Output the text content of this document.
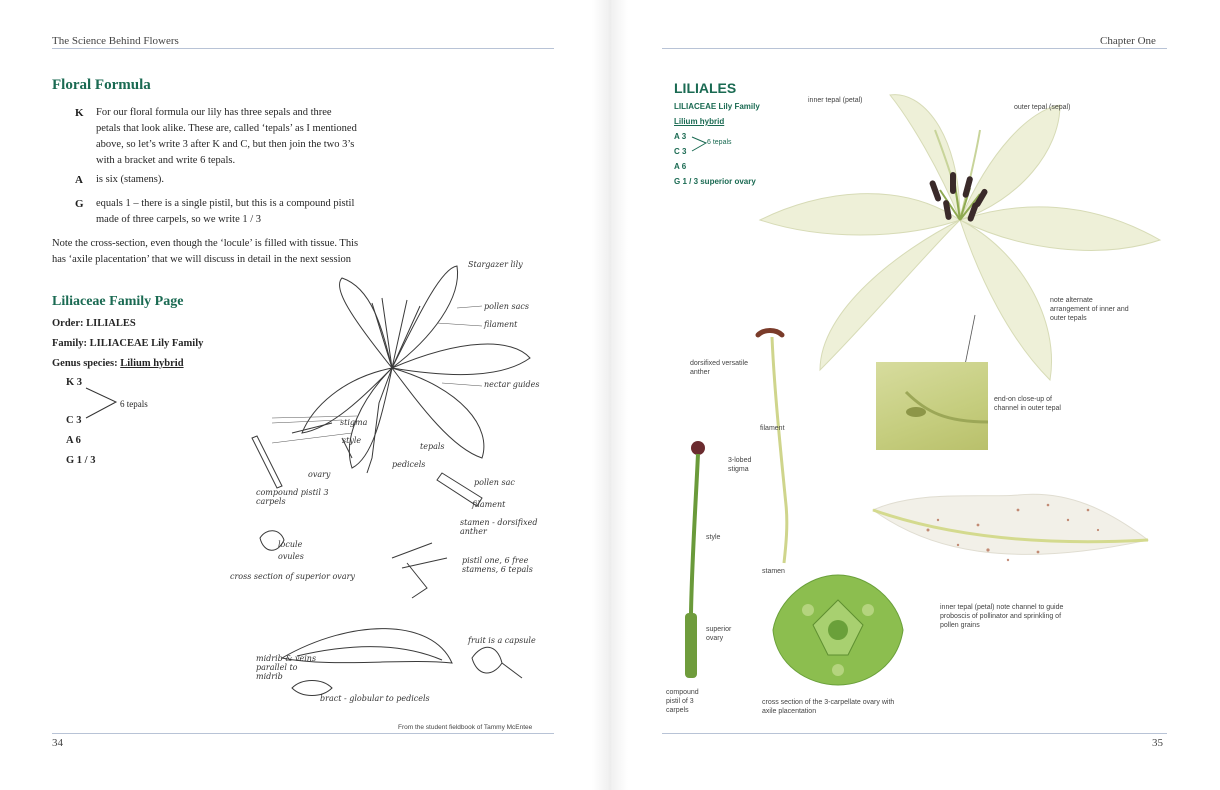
The Science Behind Flowers
Floral Formula
K For our floral formula our lily has three sepals and three petals that look alike. These are, called ‘tepals’ as I mentioned above, so let’s write 3 after K and C, but then join the two 3’s with a bracket and write 6 tepals.
A is six (stamens).
G equals 1 – there is a single pistil, but this is a compound pistil made of three carpels, so we write 1 / 3
Note the cross-section, even though the ‘locule’ is filled with tissue. This has ‘axile placentation’ that we will discuss in detail in the next session
Liliaceae Family Page
Order: LILIALES
Family: LILIACEAE Lily Family
Genus species: Lilium hybrid
K 3
C 3
A 6
G 1 / 3
6 tepals
Stargazer lily
pollen sacs
filament
nectar guides
stigma
style
tepals
pedicels
ovary
compound pistil 3 carpels
pollen sac
filament
stamen - dorsifixed anther
locule
ovules
cross section of superior ovary
pistil one, 6 free stamens, 6 tepals
midrib & veins parallel to midrib
bract - globular to pedicels
fruit is a capsule
From the student fieldbook of Tammy McEntee
34
Chapter One
LILIALES
LILIACEAE Lily Family
Lilium hybrid
A 3
C 3
A 6
G 1 / 3 superior ovary
6 tepals
inner tepal (petal)
outer tepal (sepal)
note alternate arrangement of inner and outer tepals
dorsifixed versatile anther
end-on close-up of channel in outer tepal
filament
3-lobed stigma
style
stamen
superior ovary
compound pistil of 3 carpels
cross section of the 3-carpellate ovary with axile placentation
inner tepal (petal) note channel to guide proboscis of pollinator and sprinkling of pollen grains
35
